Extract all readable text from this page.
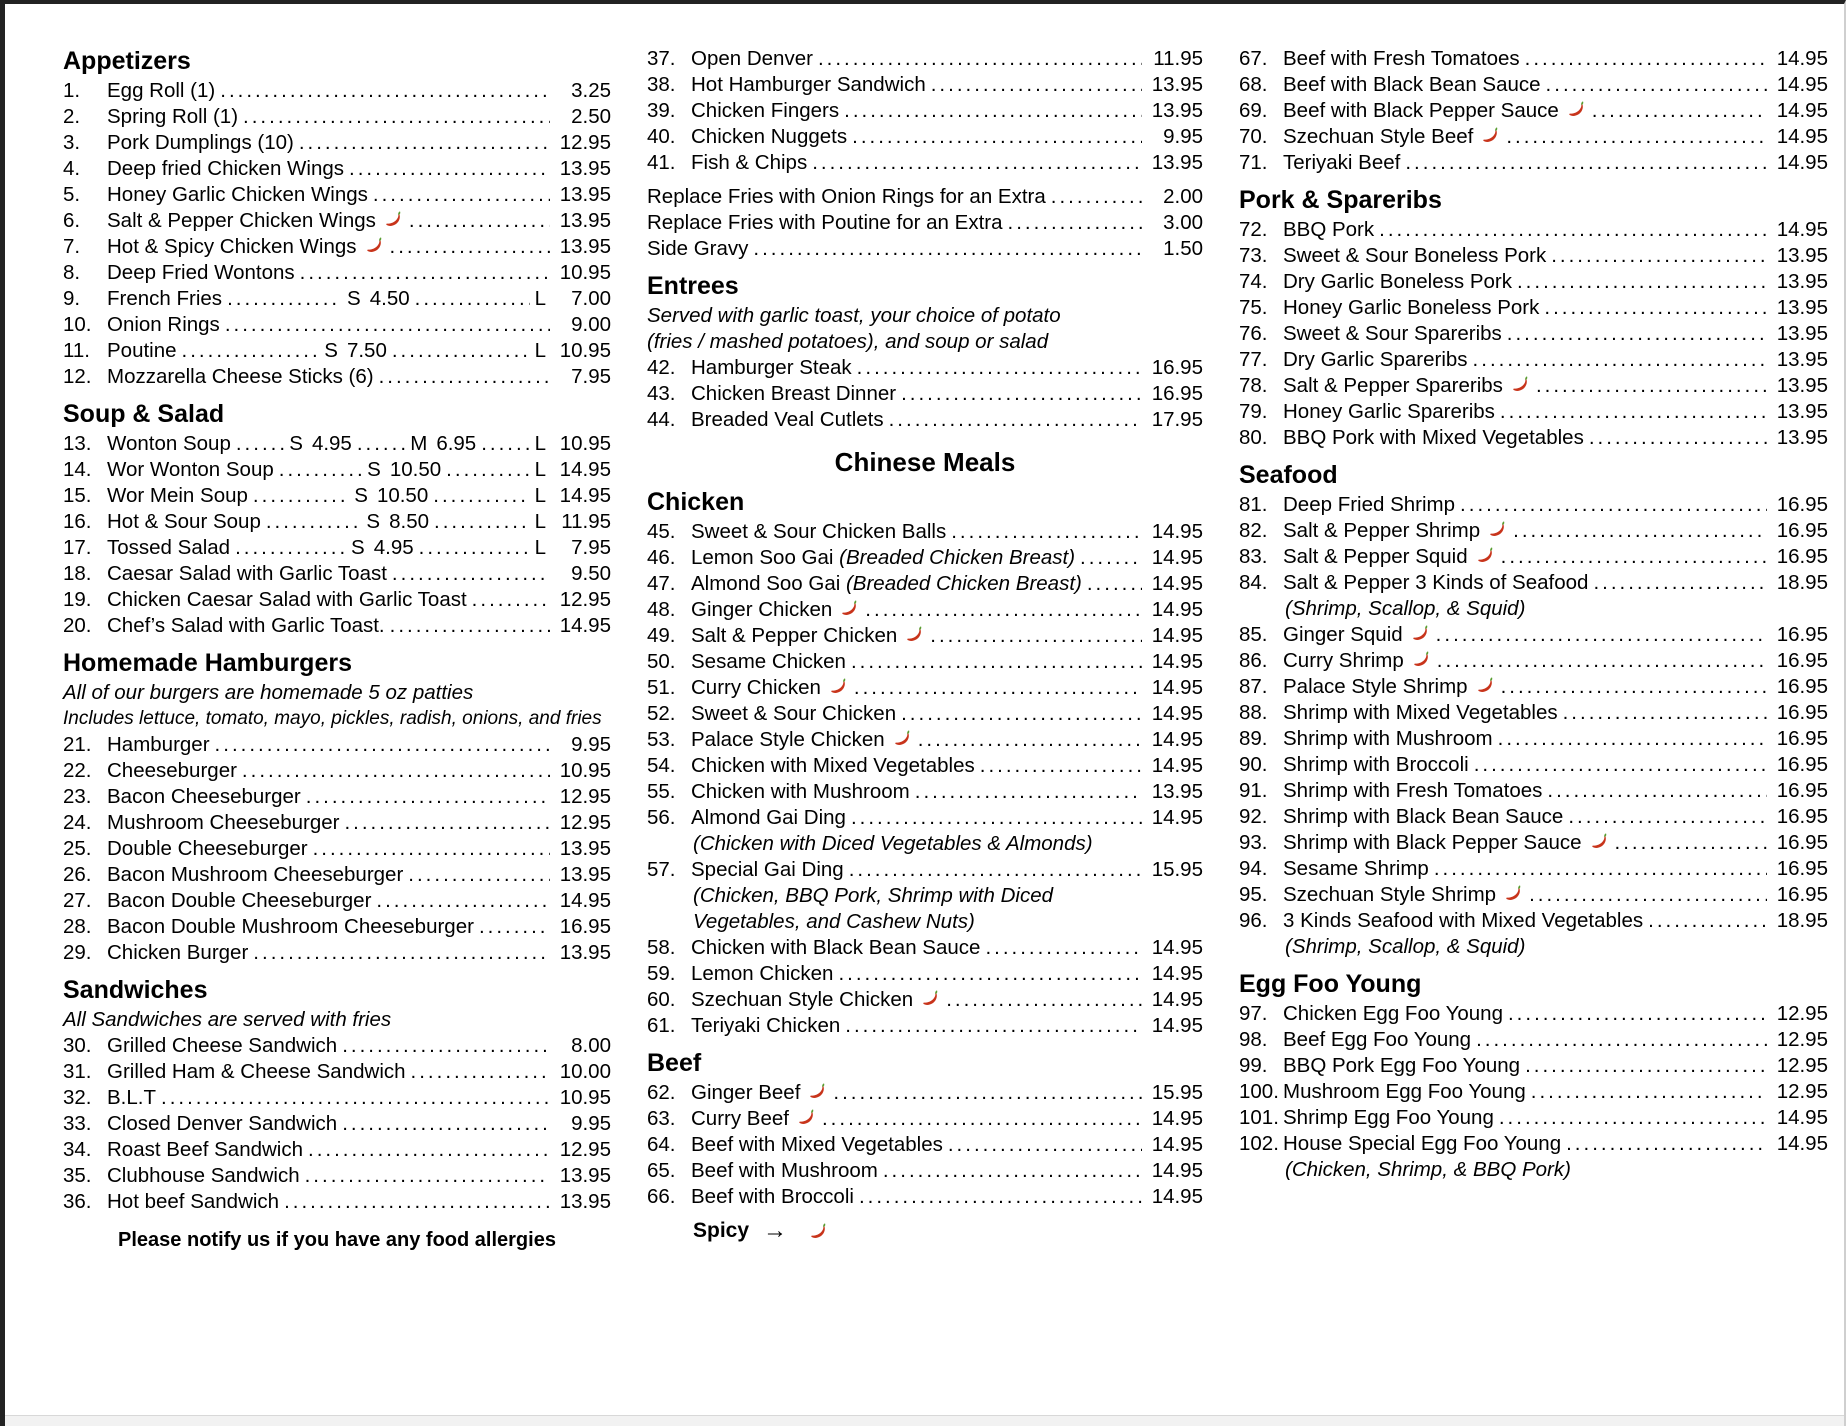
Appetizers
1.	Egg Roll (1) .....	3.25
2.	Spring Roll (1) .....	2.50
3.	Pork Dumplings (10) .....	12.95
4.	Deep fried Chicken Wings .....	13.95
5.	Honey Garlic Chicken Wings .....	13.95
6.	Salt & Pepper Chicken Wings .....	13.95
7.	Hot & Spicy Chicken Wings .....	13.95
8.	Deep Fried Wontons .....	10.95
9.	French Fries .....	S 4.50 .....	L	7.00
10. Onion Rings .....	9.00
11. Poutine .....	S 7.50 .....	L 10.95
12. Mozzarella Cheese Sticks (6) .....	7.95
Soup & Salad
13. Wonton Soup .....	S 4.95 .....	M 6.95 .....	L 10.95
14. Wor Wonton Soup .....	S 10.50 .....	L 14.95
15. Wor Mein Soup .....	S 10.50 .....	L 14.95
16. Hot & Sour Soup .....	S 8.50 .....	L 11.95
17. Tossed Salad .....	S 4.95 .....	L	7.95
18. Caesar Salad with Garlic Toast .....	9.50
19. Chicken Caesar Salad with Garlic Toast .....	12.95
20. Chef’s Salad with Garlic Toast. .....	14.95
Homemade Hamburgers
All of our burgers are homemade 5 oz patties
Includes lettuce, tomato, mayo, pickles, radish, onions, and fries
21. Hamburger .....	9.95
22. Cheeseburger .....	10.95
23. Bacon Cheeseburger .....	12.95
24. Mushroom Cheeseburger .....	12.95
25. Double Cheeseburger .....	13.95
26. Bacon Mushroom Cheeseburger .....	13.95
27. Bacon Double Cheeseburger .....	14.95
28. Bacon Double Mushroom Cheeseburger .....	16.95
29. Chicken Burger .....	13.95
Sandwiches
All Sandwiches are served with fries
30. Grilled Cheese Sandwich .....	8.00
31. Grilled Ham & Cheese Sandwich .....	10.00
32. B.L.T .....	10.95
33. Closed Denver Sandwich .....	9.95
34. Roast Beef Sandwich .....	12.95
35. Clubhouse Sandwich .....	13.95
36. Hot beef Sandwich .....	13.95
Please notify us if you have any food allergies
37. Open Denver .....	11.95
38. Hot Hamburger Sandwich .....	13.95
39. Chicken Fingers .....	13.95
40. Chicken Nuggets .....	9.95
41. Fish & Chips .....	13.95
Replace Fries with Onion Rings for an Extra .....	2.00
Replace Fries with Poutine for an Extra .....	3.00
Side Gravy .....	1.50
Entrees
Served with garlic toast, your choice of potato
(fries / mashed potatoes), and soup or salad
42. Hamburger Steak .....	16.95
43. Chicken Breast Dinner .....	16.95
44. Breaded Veal Cutlets .....	17.95
Chinese Meals
Chicken
45. Sweet & Sour Chicken Balls .....	14.95
46. Lemon Soo Gai (Breaded Chicken Breast) .....	14.95
47. Almond Soo Gai (Breaded Chicken Breast) .....	14.95
48. Ginger Chicken .....	14.95
49. Salt & Pepper Chicken .....	14.95
50. Sesame Chicken .....	14.95
51. Curry Chicken .....	14.95
52. Sweet & Sour Chicken .....	14.95
53. Palace Style Chicken .....	14.95
54. Chicken with Mixed Vegetables .....	14.95
55. Chicken with Mushroom .....	13.95
56. Almond Gai Ding .....	14.95
(Chicken with Diced Vegetables & Almonds)
57. Special Gai Ding .....	15.95
(Chicken, BBQ Pork, Shrimp with Diced
Vegetables, and Cashew Nuts)
58. Chicken with Black Bean Sauce .....	14.95
59. Lemon Chicken .....	14.95
60. Szechuan Style Chicken .....	14.95
61. Teriyaki Chicken .....	14.95
Beef
62. Ginger Beef .....	15.95
63. Curry Beef .....	14.95
64. Beef with Mixed Vegetables .....	14.95
65. Beef with Mushroom .....	14.95
66. Beef with Broccoli .....	14.95
Spicy →
67. Beef with Fresh Tomatoes .....	14.95
68. Beef with Black Bean Sauce .....	14.95
69. Beef with Black Pepper Sauce .....	14.95
70. Szechuan Style Beef .....	14.95
71. Teriyaki Beef .....	14.95
Pork & Spareribs
72. BBQ Pork .....	14.95
73. Sweet & Sour Boneless Pork .....	13.95
74. Dry Garlic Boneless Pork .....	13.95
75. Honey Garlic Boneless Pork .....	13.95
76. Sweet & Sour Spareribs .....	13.95
77. Dry Garlic Spareribs .....	13.95
78. Salt & Pepper Spareribs .....	13.95
79. Honey Garlic Spareribs .....	13.95
80. BBQ Pork with Mixed Vegetables .....	13.95
Seafood
81. Deep Fried Shrimp .....	16.95
82. Salt & Pepper Shrimp .....	16.95
83. Salt & Pepper Squid .....	16.95
84. Salt & Pepper 3 Kinds of Seafood .....	18.95
(Shrimp, Scallop, & Squid)
85. Ginger Squid .....	16.95
86. Curry Shrimp .....	16.95
87. Palace Style Shrimp .....	16.95
88. Shrimp with Mixed Vegetables .....	16.95
89. Shrimp with Mushroom .....	16.95
90. Shrimp with Broccoli .....	16.95
91. Shrimp with Fresh Tomatoes .....	16.95
92. Shrimp with Black Bean Sauce .....	16.95
93. Shrimp with Black Pepper Sauce .....	16.95
94. Sesame Shrimp .....	16.95
95. Szechuan Style Shrimp .....	16.95
96. 3 Kinds Seafood with Mixed Vegetables .....	18.95
(Shrimp, Scallop, & Squid)
Egg Foo Young
97. Chicken Egg Foo Young .....	12.95
98. Beef Egg Foo Young .....	12.95
99. BBQ Pork Egg Foo Young .....	12.95
100. Mushroom Egg Foo Young .....	12.95
101. Shrimp Egg Foo Young .....	14.95
102. House Special Egg Foo Young .....	14.95
(Chicken, Shrimp, & BBQ Pork)
